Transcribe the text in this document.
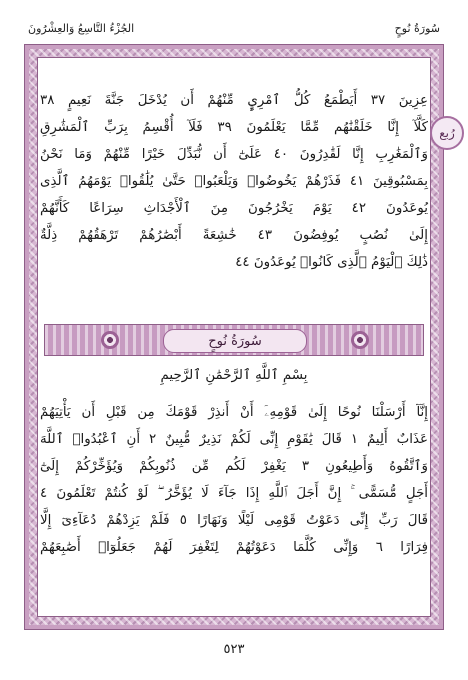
سُورَةُ نُوحٍ
الجُزْءُ التَّاسِعُ وَالعِشْرُونَ
رُبع
عِزِينَ ٣٧ أَيَطْمَعُ كُلُّ ٱمْرِيٍٕ مِّنْهُمْ أَن يُدْخَلَ جَنَّةَ نَعِيمٍ ٣٨
كَلَّآ إِنَّا خَلَقْنَٰهُم مِّمَّا يَعْلَمُونَ ٣٩ فَلَآ أُقْسِمُ بِرَبِّ ٱلْمَشَٰرِقِ
وَٱلْمَغَٰرِبِ إِنَّا لَقَٰدِرُونَ ٤٠ عَلَىٰٓ أَن نُّبَدِّلَ خَيْرًا مِّنْهُمْ وَمَا نَحْنُ
بِمَسْبُوقِينَ ٤١ فَذَرْهُمْ يَخُوضُوا۟ وَيَلْعَبُوا۟ حَتَّىٰ يُلَٰقُوا۟ يَوْمَهُمُ ٱلَّذِى
يُوعَدُونَ ٤٢ يَوْمَ يَخْرُجُونَ مِنَ ٱلْأَجْدَاثِ سِرَاعًا كَأَنَّهُمْ
إِلَىٰ نُصُبٍ يُوفِضُونَ ٤٣ خَٰشِعَةً أَبْصَٰرُهُمْ تَرْهَقُهُمْ ذِلَّةٌ
ذَٰلِكَ ٱلْيَوْمُ ٱلَّذِى كَانُوا۟ يُوعَدُونَ ٤٤
سُورَةُ نُوحٍ
بِسْمِ ٱللَّهِ ٱلرَّحْمَٰنِ ٱلرَّحِيمِ
إِنَّآ أَرْسَلْنَا نُوحًا إِلَىٰ قَوْمِهِۦٓ أَنْ أَنذِرْ قَوْمَكَ مِن قَبْلِ أَن يَأْتِيَهُمْ
عَذَابٌ أَلِيمٌ ١ قَالَ يَٰقَوْمِ إِنِّى لَكُمْ نَذِيرٌ مُّبِينٌ ٢ أَنِ ٱعْبُدُوا۟ ٱللَّهَ
وَٱتَّقُوهُ وَأَطِيعُونِ ٣ يَغْفِرْ لَكُم مِّن ذُنُوبِكُمْ وَيُؤَخِّرْكُمْ إِلَىٰٓ
أَجَلٍ مُّسَمًّى ۚ إِنَّ أَجَلَ ٱللَّهِ إِذَا جَآءَ لَا يُؤَخَّرُ ۖ لَوْ كُنتُمْ تَعْلَمُونَ ٤
قَالَ رَبِّ إِنِّى دَعَوْتُ قَوْمِى لَيْلًا وَنَهَارًا ٥ فَلَمْ يَزِدْهُمْ دُعَآءِىٓ إِلَّا
فِرَارًا ٦ وَإِنِّى كُلَّمَا دَعَوْتُهُمْ لِتَغْفِرَ لَهُمْ جَعَلُوٓا۟ أَصَٰبِعَهُمْ
٥٢٣
